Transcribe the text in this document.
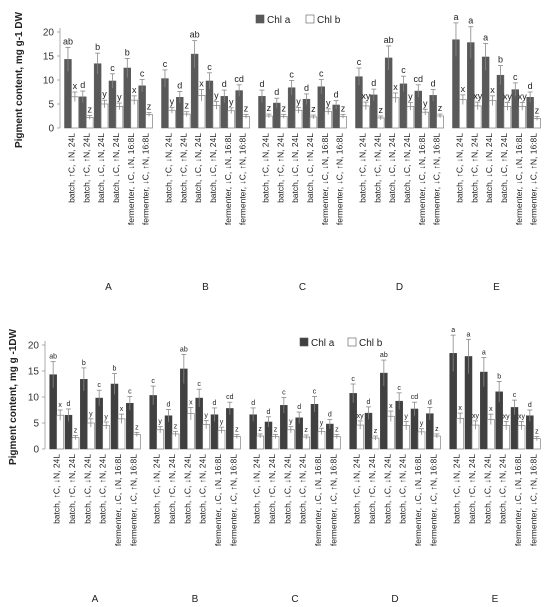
Pigment content, mg g-1 DW 0
5
10
15
20
Chl a	Chl b
ab
x
batch, ↑C, ↓N, 24L
d
z
batch, ↑C, ↑N, 24L
b
y
batch, ↓C, ↓N, 24L
c
y
batch, ↓C, ↑N, 24L
b
x
fermenter, ↓C, ↓N, 16:8L
c
z
fermenter, ↓C, ↑N, 16:8L
A
c
y
batch, ↑C, ↓N, 24L
d
z
batch, ↑C, ↑N, 24L
ab
x
batch, ↓C, ↓N, 24L
c
y
batch, ↓C, ↑N, 24L
d
y
fermenter, ↓C, ↓N, 16:8L
cd
z
fermenter, ↓C, ↑N, 16:8L
B
d
z
batch, ↑C, ↓N, 24L
d
z
batch, ↑C, ↑N, 24L
c
y
batch, ↓C, ↓N, 24L
d
z
batch, ↓C, ↑N, 24L
c
y
fermenter, ↓C, ↓N, 16:8L
d
z
fermenter, ↓C, ↑N, 16:8L
C
c
xy
batch, ↑C, ↓N, 24L
d
z
batch, ↑C, ↑N, 24L
ab
x
batch, ↓C, ↓N, 24L
c
y
batch, ↓C, ↑N, 24L
cd
y
fermenter, ↓C, ↓N, 16:8L
d
z
fermenter, ↓C, ↑N, 16:8L
D
a
x
batch, ↑C, ↓N, 24L
a
xy
batch, ↑C, ↑N, 24L
a
x
batch, ↓C, ↓N, 24L
b
xy
batch, ↓C, ↑N, 24L
c
xy
fermenter, ↓C, ↓N, 16:8L
d
z
fermenter, ↓C, ↑N, 16:8L
E
Pigment content, mg g -1DW 0
5
10
15
20	Chl a Chl b
ab
x
batch, ↑C, ↓N, 24L
d
z
batch, ↑C, ↑N, 24L
b
y
batch, ↓C, ↓N, 24L
c
y
batch, ↓C, ↑N, 24L
b
x
fermenter, ↓C, ↓N, 16:8L
c
z
fermenter, ↓C, ↑N, 16:8L
A
c
y
batch, ↑C, ↓N, 24L
d
z
batch, ↑C, ↑N, 24L
ab
x
batch, ↓C, ↓N, 24L
c
y
batch, ↓C, ↑N, 24L
d
y
fermenter, ↓C, ↓N, 16:8L
cd
z
fermenter, ↓C, ↑N, 16:8L
B
d
z
batch, ↑C, ↓N, 24L
d
z
batch, ↑C, ↑N, 24L
c
y
batch, ↓C, ↓N, 24L
d
z
batch, ↓C, ↑N, 24L
c
y
fermenter, ↓C, ↓N, 16:8L
d
z
fermenter, ↓C, ↑N, 16:8L
C
c
xy
batch, ↑C, ↓N, 24L
d
z
batch, ↑C, ↑N, 24L
ab
x
batch, ↓C, ↓N, 24L
c
y
batch, ↓C, ↑N, 24L
cd
y
fermenter, ↓C, ↓N, 16:8L
d
z
fermenter, ↓C, ↑N, 16:8L
D
a
x
batch, ↑C, ↓N, 24L
a
xy
batch, ↑C, ↑N, 24L
a
x
batch, ↓C, ↓N, 24L
b
xy
batch, ↓C, ↑N, 24L
c
xy
fermenter, ↓C, ↓N, 16:8L
d
z
fermenter, ↓C, ↑N, 16:8L
E
